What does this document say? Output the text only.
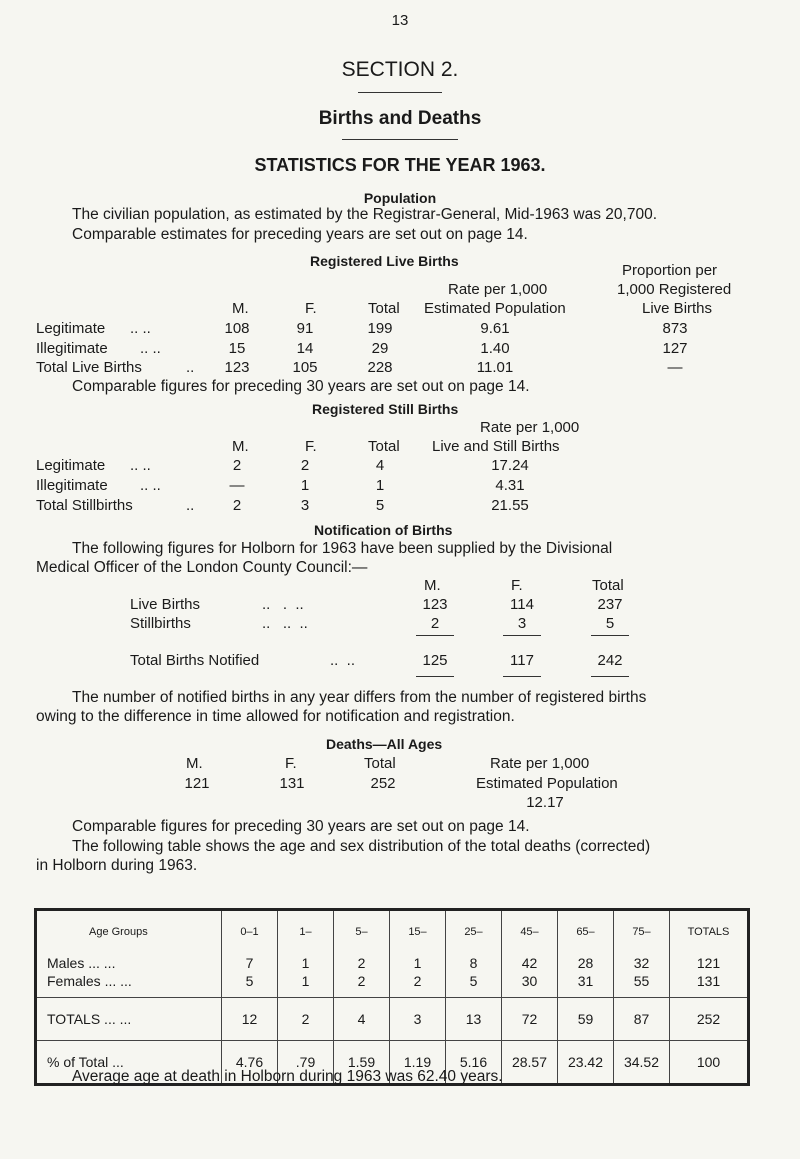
13
SECTION 2.
Births and Deaths
STATISTICS FOR THE YEAR 1963.
Population
The civilian population, as estimated by the Registrar-General, Mid-1963 was 20,700.
Comparable estimates for preceding years are set out on page 14.
Registered Live Births
Proportion per
Rate per 1,000	1,000 Registered
M.	F.	Total Estimated Population	Live Births
Legitimate .. ..	108	91	199	9.61	873
Illegitimate .. ..	15	14	29	1.40	127
Total Live Births	..	123	105	228	11.01	—
Comparable figures for preceding 30 years are set out on page 14.
Registered Still Births
Rate per 1,000
M.	F.	Total Live and Still Births
Legitimate .. ..	2	2	4	17.24
Illegitimate .. ..	—	1	1	4.31
Total Stillbirths	..	2	3	5	21.55
Notification of Births
The following figures for Holborn for 1963 have been supplied by the Divisional
Medical Officer of the London County Council:—
M.	F.	Total
Live Births	..   .  ..	123	114	237
Stillbirths	..   ..  ..	2	3	5
Total Births Notified	..  ..	125	117	242
The number of notified births in any year differs from the number of registered births
owing to the difference in time allowed for notification and registration.
Deaths—All Ages
M.	F.	Total	Rate per 1,000
121	131	252	Estimated Population
12.17
Comparable figures for preceding 30 years are set out on page 14.
The following table shows the age and sex distribution of the total deaths (corrected)
in Holborn during 1963.
Age Groups	0–1	1–	5–	15–	25–	45–	65–	75–	TOTALS
Males ... ...	7	1	2	1	8	42	28	32	121
Females ... ...	5	1	2	2	5	30	31	55	131
TOTALS ... ...	12	2	4	3	13	72	59	87	252
% of Total ...	4.76	.79	1.59	1.19	5.16	28.57	23.42	34.52	100
Average age at death in Holborn during 1963 was 62.40 years.
